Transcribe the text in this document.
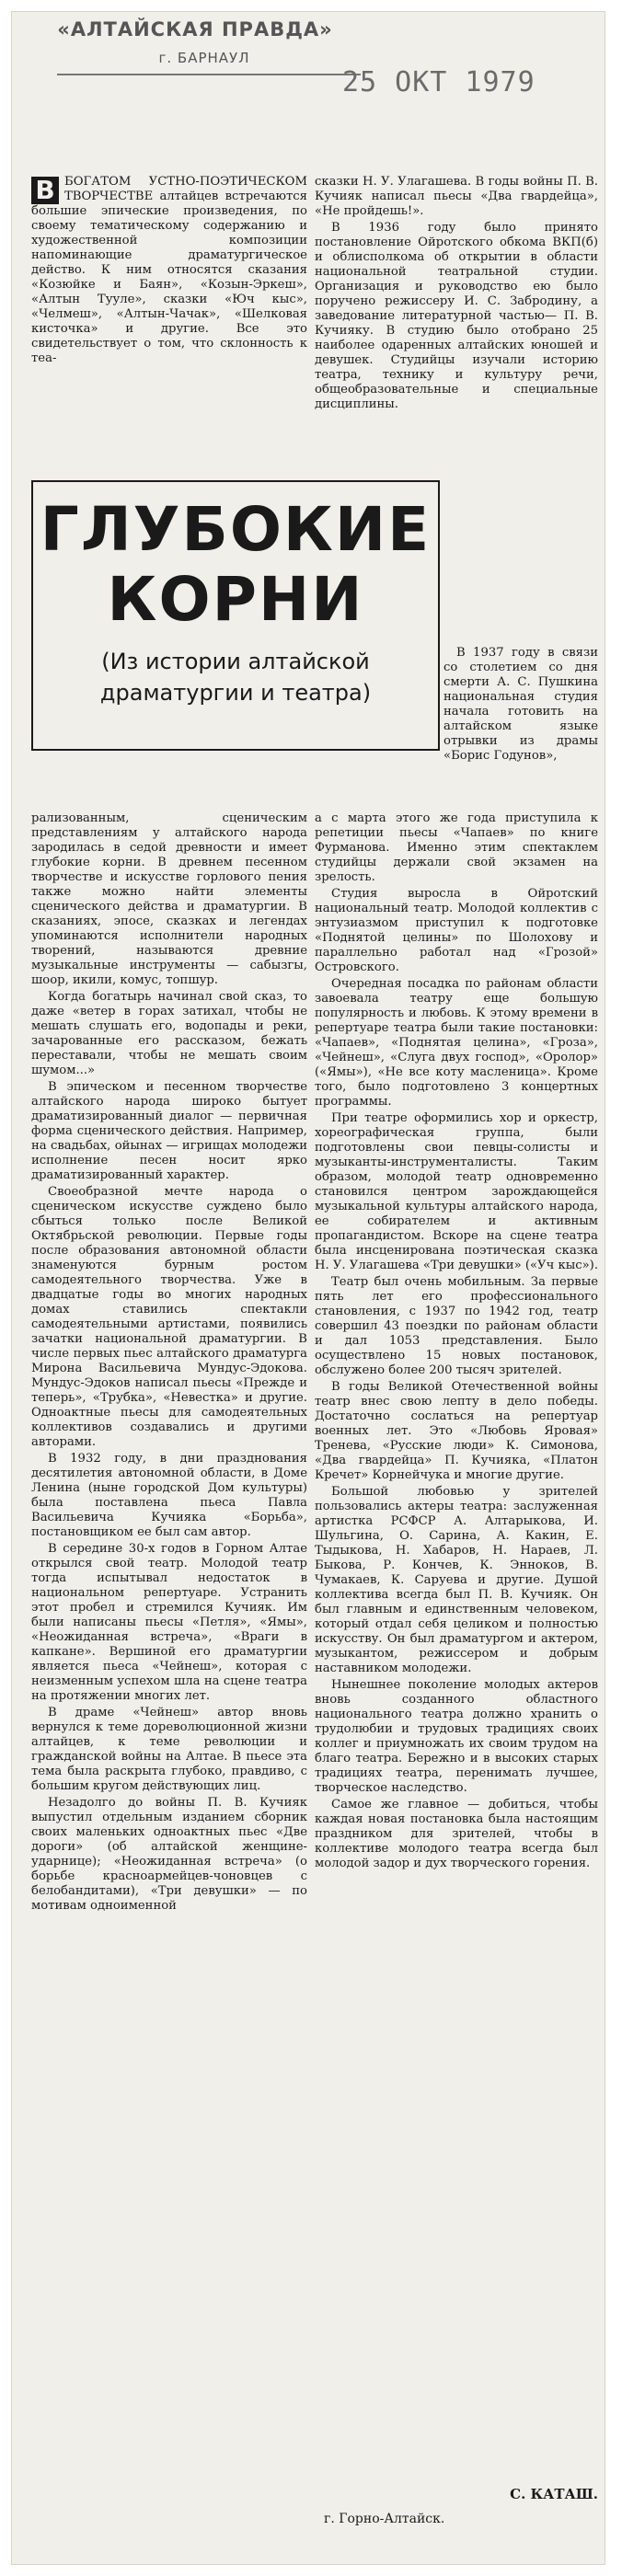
«АЛТАЙСКАЯ ПРАВДА»
г. БАРНАУЛ
25 ОКТ 1979
В БОГАТОМ УСТНО-ПОЭТИЧЕСКОМ ТВОРЧЕСТВЕ алтайцев встречаются большие эпические произведения, по своему тематическому содержанию и художественной композиции напоминающие драматургическое действо. К ним относятся сказания «Козюйке и Баян», «Козын-Эркеш», «Алтын Тууле», сказки «Юч кыс», «Челмеш», «Алтын-Чачак», «Шелковая кисточка» и другие. Все это свидетельствует о том, что склонность к теа-

сказки Н. У. Улагашева. В годы войны П. В. Кучияк написал пьесы «Два гвардейца», «Не пройдешь!».

В 1936 году было принято постановление Ойротского обкома ВКП(б) и облисполкома об открытии в области национальной театральной студии. Организация и руководство ею было поручено режиссеру И. С. Забродину, а заведование литературной частью— П. В. Кучияку. В студию было отобрано 25 наиболее одаренных алтайских юношей и девушек. Студийцы изучали историю театра, технику и культуру речи, общеобразовательные и специальные дисциплины.

ГЛУБОКИЕ КОРНИ
(Из истории алтайской драматургии и театра)

В 1937 году в связи со столетием со дня смерти А. С. Пушкина национальная студия начала готовить на алтайском языке отрывки из драмы «Борис Годунов»,

рализованным, сценическим представлениям у алтайского народа зародилась в седой древности и имеет глубокие корни. В древнем песенном творчестве и искусстве горлового пения также можно найти элементы сценического действа и драматургии. В сказаниях, эпосе, сказках и легендах упоминаются исполнители народных творений, называются древние музыкальные инструменты — сабызгы, шоор, икили, комус, топшур.

Когда богатырь начинал свой сказ, то даже «ветер в горах затихал, чтобы не мешать слушать его, водопады и реки, зачарованные его рассказом, бежать переставали, чтобы не мешать своим шумом...»

В эпическом и песенном творчестве алтайского народа широко бытует драматизированный диалог — первичная форма сценического действия. Например, на свадьбах, ойынах — игрищах молодежи исполнение песен носит ярко драматизированный характер.

Своеобразной мечте народа о сценическом искусстве суждено было сбыться только после Великой Октябрьской революции. Первые годы после образования автономной области знаменуются бурным ростом самодеятельного творчества. Уже в двадцатые годы во многих народных домах ставились спектакли самодеятельными артистами, появились зачатки национальной драматургии. В числе первых пьес алтайского драматурга Мирона Васильевича Мундус-Эдокова. Мундус-Эдоков написал пьесы «Прежде и теперь», «Трубка», «Невестка» и другие. Одноактные пьесы для самодеятельных коллективов создавались и другими авторами.

В 1932 году, в дни празднования десятилетия автономной области, в Доме Ленина (ныне городской Дом культуры) была поставлена пьеса Павла Васильевича Кучияка «Борьба», постановщиком ее был сам автор.

В середине 30-х годов в Горном Алтае открылся свой театр. Молодой театр тогда испытывал недостаток в национальном репертуаре. Устранить этот пробел и стремился Кучияк. Им были написаны пьесы «Петля», «Ямы», «Неожиданная встреча», «Враги в капкане». Вершиной его драматургии является пьеса «Чейнеш», которая с неизменным успехом шла на сцене театра на протяжении многих лет.

В драме «Чейнеш» автор вновь вернулся к теме дореволюционной жизни алтайцев, к теме революции и гражданской войны на Алтае. В пьесе эта тема была раскрыта глубоко, правдиво, с большим кругом действующих лиц.

Незадолго до войны П. В. Кучияк выпустил отдельным изданием сборник своих маленьких одноактных пьес «Две дороги» (об алтайской женщине-ударнице); «Неожиданная встреча» (о борьбе красноармейцев-чоновцев с белобандитами), «Три девушки» — по мотивам одноименной

а с марта этого же года приступила к репетиции пьесы «Чапаев» по книге Фурманова. Именно этим спектаклем студийцы держали свой экзамен на зрелость.

Студия выросла в Ойротский национальный театр. Молодой коллектив с энтузиазмом приступил к подготовке «Поднятой целины» по Шолохову и параллельно работал над «Грозой» Островского.

Очередная посадка по районам области завоевала театру еще большую популярность и любовь. К этому времени в репертуаре театра были такие постановки: «Чапаев», «Поднятая целина», «Гроза», «Чейнеш», «Слуга двух господ», «Оролор» («Ямы»), «Не все коту масленица». Кроме того, было подготовлено 3 концертных программы.

При театре оформились хор и оркестр, хореографическая группа, были подготовлены свои певцы-солисты и музыканты-инструменталисты. Таким образом, молодой театр одновременно становился центром зарождающейся музыкальной культуры алтайского народа, ее собирателем и активным пропагандистом. Вскоре на сцене театра была инсценирована поэтическая сказка Н. У. Улагашева «Три девушки» («Уч кыс»).

Театр был очень мобильным. За первые пять лет его профессионального становления, с 1937 по 1942 год, театр совершил 43 поездки по районам области и дал 1053 представления. Было осуществлено 15 новых постановок, обслужено более 200 тысяч зрителей.

В годы Великой Отечественной войны театр внес свою лепту в дело победы. Достаточно сослаться на репертуар военных лет. Это «Любовь Яровая» Тренева, «Русские люди» К. Симонова, «Два гвардейца» П. Кучияка, «Платон Кречет» Корнейчука и многие другие.

Большой любовью у зрителей пользовались актеры театра: заслуженная артистка РСФСР А. Алтарыкова, И. Шульгина, О. Сарина, А. Какин, Е. Тыдыкова, Н. Хабаров, Н. Нараев, Л. Быкова, Р. Кончев, К. Энноков, В. Чумакаев, К. Саруева и другие. Душой коллектива всегда был П. В. Кучияк. Он был главным и единственным человеком, который отдал себя целиком и полностью искусству. Он был драматургом и актером, музыкантом, режиссером и добрым наставником молодежи.

Нынешнее поколение молодых актеров вновь созданного областного национального театра должно хранить о трудолюбии и трудовых традициях своих коллег и приумножать их своим трудом на благо театра. Бережно и в высоких старых традициях театра, перенимать лучшее, творческое наследство.

Самое же главное — добиться, чтобы каждая новая постановка была настоящим праздником для зрителей, чтобы в коллективе молодого театра всегда был молодой задор и дух творческого горения.

С. КАТАШ.
г. Горно-Алтайск.
